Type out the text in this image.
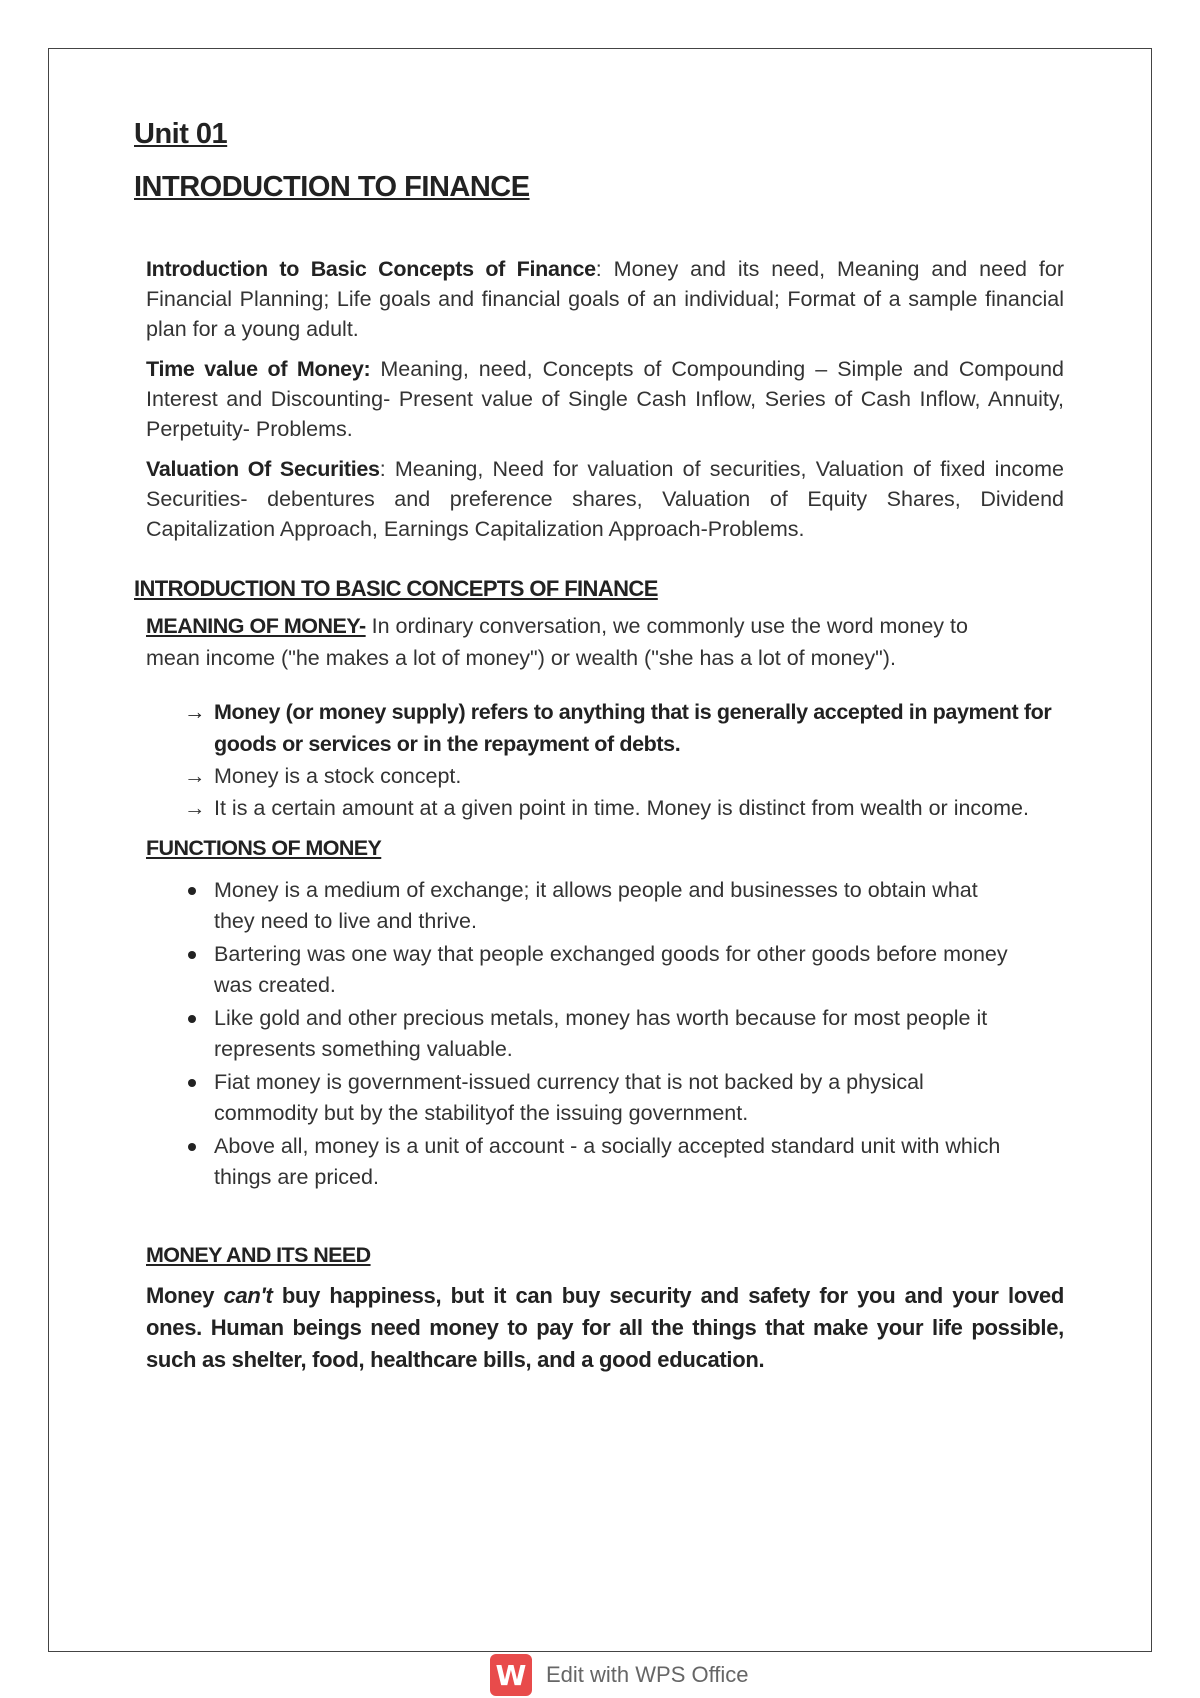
Unit 01
INTRODUCTION TO FINANCE

Introduction to Basic Concepts of Finance: Money and its need, Meaning and need for Financial Planning; Life goals and financial goals of an individual; Format of a sample financial plan for a young adult.

Time value of Money: Meaning, need, Concepts of Compounding – Simple and Compound Interest and Discounting- Present value of Single Cash Inflow, Series of Cash Inflow, Annuity, Perpetuity- Problems.

Valuation Of Securities: Meaning, Need for valuation of securities, Valuation of fixed income Securities- debentures and preference shares, Valuation of Equity Shares, Dividend Capitalization Approach, Earnings Capitalization Approach-Problems.

INTRODUCTION TO BASIC CONCEPTS OF FINANCE

MEANING OF MONEY- In ordinary conversation, we commonly use the word money to mean income ("he makes a lot of money") or wealth ("she has a lot of money").

→ Money (or money supply) refers to anything that is generally accepted in payment for goods or services or in the repayment of debts.
→ Money is a stock concept.
→ It is a certain amount at a given point in time. Money is distinct from wealth or income.
FUNCTIONS OF MONEY
Money is a medium of exchange; it allows people and businesses to obtain what they need to live and thrive.
Bartering was one way that people exchanged goods for other goods before money was created.
Like gold and other precious metals, money has worth because for most people it represents something valuable.
Fiat money is government-issued currency that is not backed by a physical commodity but by the stabilityof the issuing government.
Above all, money is a unit of account - a socially accepted standard unit with which things are priced.
MONEY AND ITS NEED

Money can't buy happiness, but it can buy security and safety for you and your loved ones. Human beings need money to pay for all the things that make your life possible, such as shelter, food, healthcare bills, and a good education.

W Edit with WPS Office
